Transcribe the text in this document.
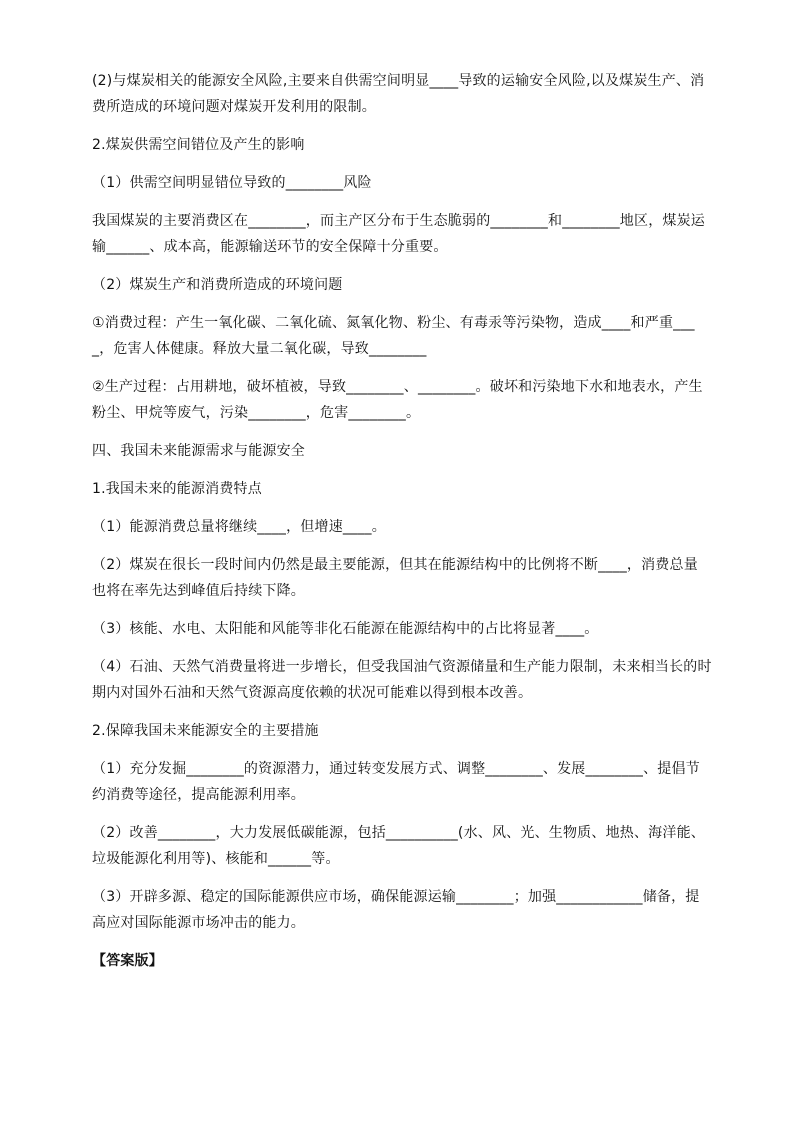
(2)与煤炭相关的能源安全风险,主要来自供需空间明显____导致的运输安全风险,以及煤炭生产、消费所造成的环境问题对煤炭开发利用的限制。

2.煤炭供需空间错位及产生的影响

（1）供需空间明显错位导致的________风险

我国煤炭的主要消费区在________，而主产区分布于生态脆弱的________和________地区，煤炭运输______、成本高，能源输送环节的安全保障十分重要。

（2）煤炭生产和消费所造成的环境问题

①消费过程：产生一氧化碳、二氧化硫、氮氧化物、粉尘、有毒汞等污染物，造成____和严重____，危害人体健康。释放大量二氧化碳，导致________

②生产过程：占用耕地，破坏植被，导致________、________。破坏和污染地下水和地表水，产生粉尘、甲烷等废气，污染________，危害________。

四、我国未来能源需求与能源安全

1.我国未来的能源消费特点

（1）能源消费总量将继续____，但增速____。

（2）煤炭在很长一段时间内仍然是最主要能源，但其在能源结构中的比例将不断____，消费总量也将在率先达到峰值后持续下降。

（3）核能、水电、太阳能和风能等非化石能源在能源结构中的占比将显著____。

（4）石油、天然气消费量将进一步增长，但受我国油气资源储量和生产能力限制，未来相当长的时期内对国外石油和天然气资源高度依赖的状况可能难以得到根本改善。

2.保障我国未来能源安全的主要措施

（1）充分发掘________的资源潜力，通过转变发展方式、调整________、发展________、提倡节约消费等途径，提高能源利用率。

（2）改善________，大力发展低碳能源，包括__________(水、风、光、生物质、地热、海洋能、垃圾能源化利用等)、核能和______等。

（3）开辟多源、稳定的国际能源供应市场，确保能源运输________；加强____________储备，提高应对国际能源市场冲击的能力。

【答案版】
